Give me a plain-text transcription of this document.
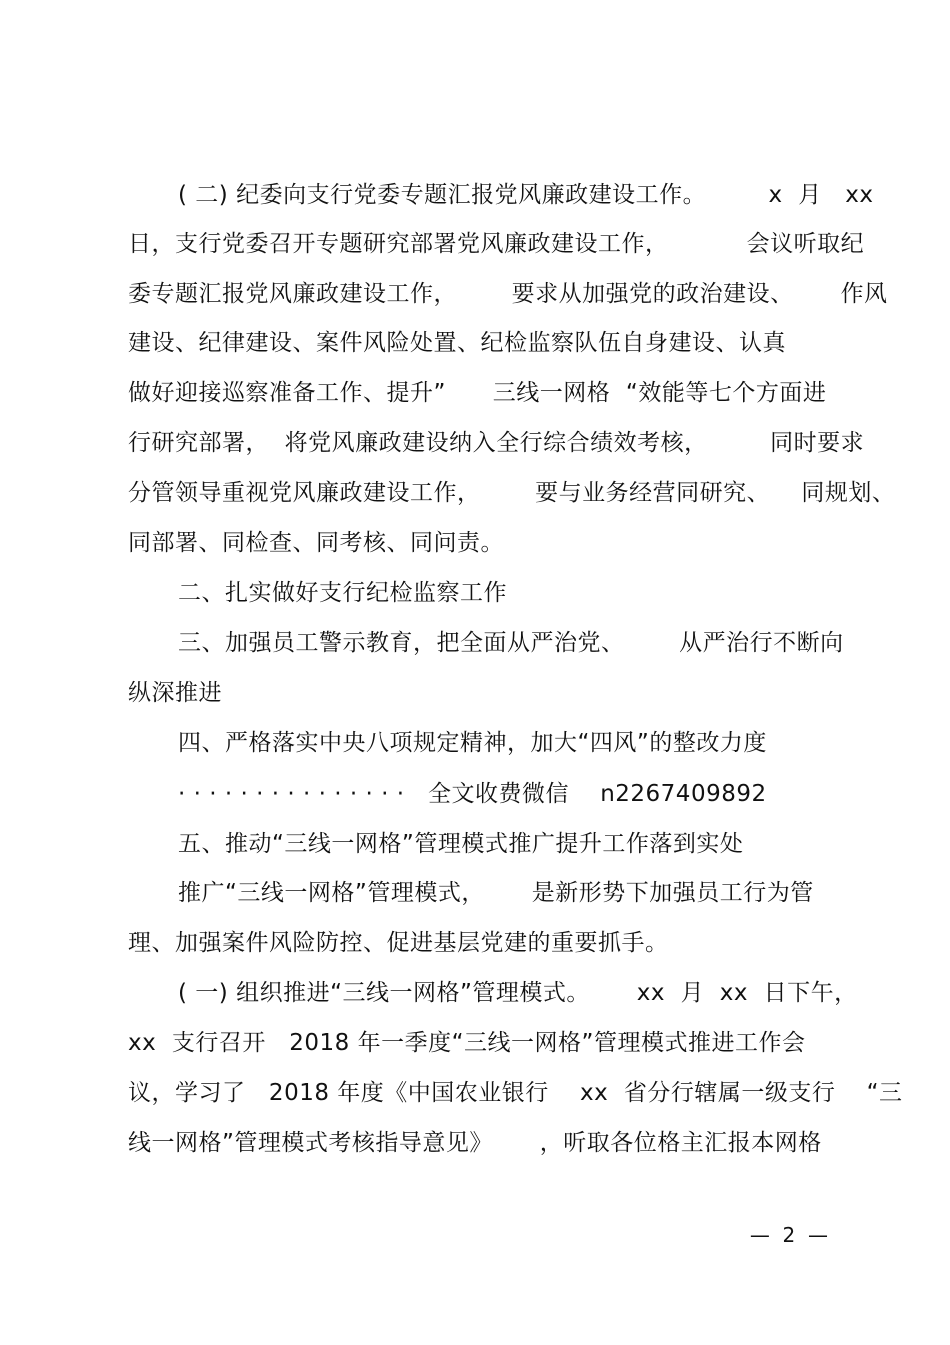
( 二) 纪委向支行党委专题汇报党风廉政建设工作。        x  月   xx
日，支行党委召开专题研究部署党风廉政建设工作，          会议听取纪
委专题汇报党风廉政建设工作，       要求从加强党的政治建设、      作风
建设、纪律建设、案件风险处置、纪检监察队伍自身建设、认真
做好迎接巡察准备工作、提升”      三线一网格  “效能等七个方面进
行研究部署，  将党风廉政建设纳入全行综合绩效考核，        同时要求
分管领导重视党风廉政建设工作，       要与业务经营同研究、    同规划、
同部署、同检查、同考核、同问责。
二、扎实做好支行纪检监察工作
三、加强员工警示教育，把全面从严治党、       从严治行不断向
纵深推进
四、严格落实中央八项规定精神，加大“四风”的整改力度
· · · · · · · · · · · · · · ·   全文收费微信    n2267409892
五、推动“三线一网格”管理模式推广提升工作落到实处
推广“三线一网格”管理模式，      是新形势下加强员工行为管
理、加强案件风险防控、促进基层党建的重要抓手。
( 一) 组织推进“三线一网格”管理模式。      xx  月  xx  日下午，
xx  支行召开   2018 年一季度“三线一网格”管理模式推进工作会
议，学习了   2018 年度《中国农业银行    xx  省分行辖属一级支行    “三
线一网格”管理模式考核指导意见》      ，听取各位格主汇报本网格
—  2  —
